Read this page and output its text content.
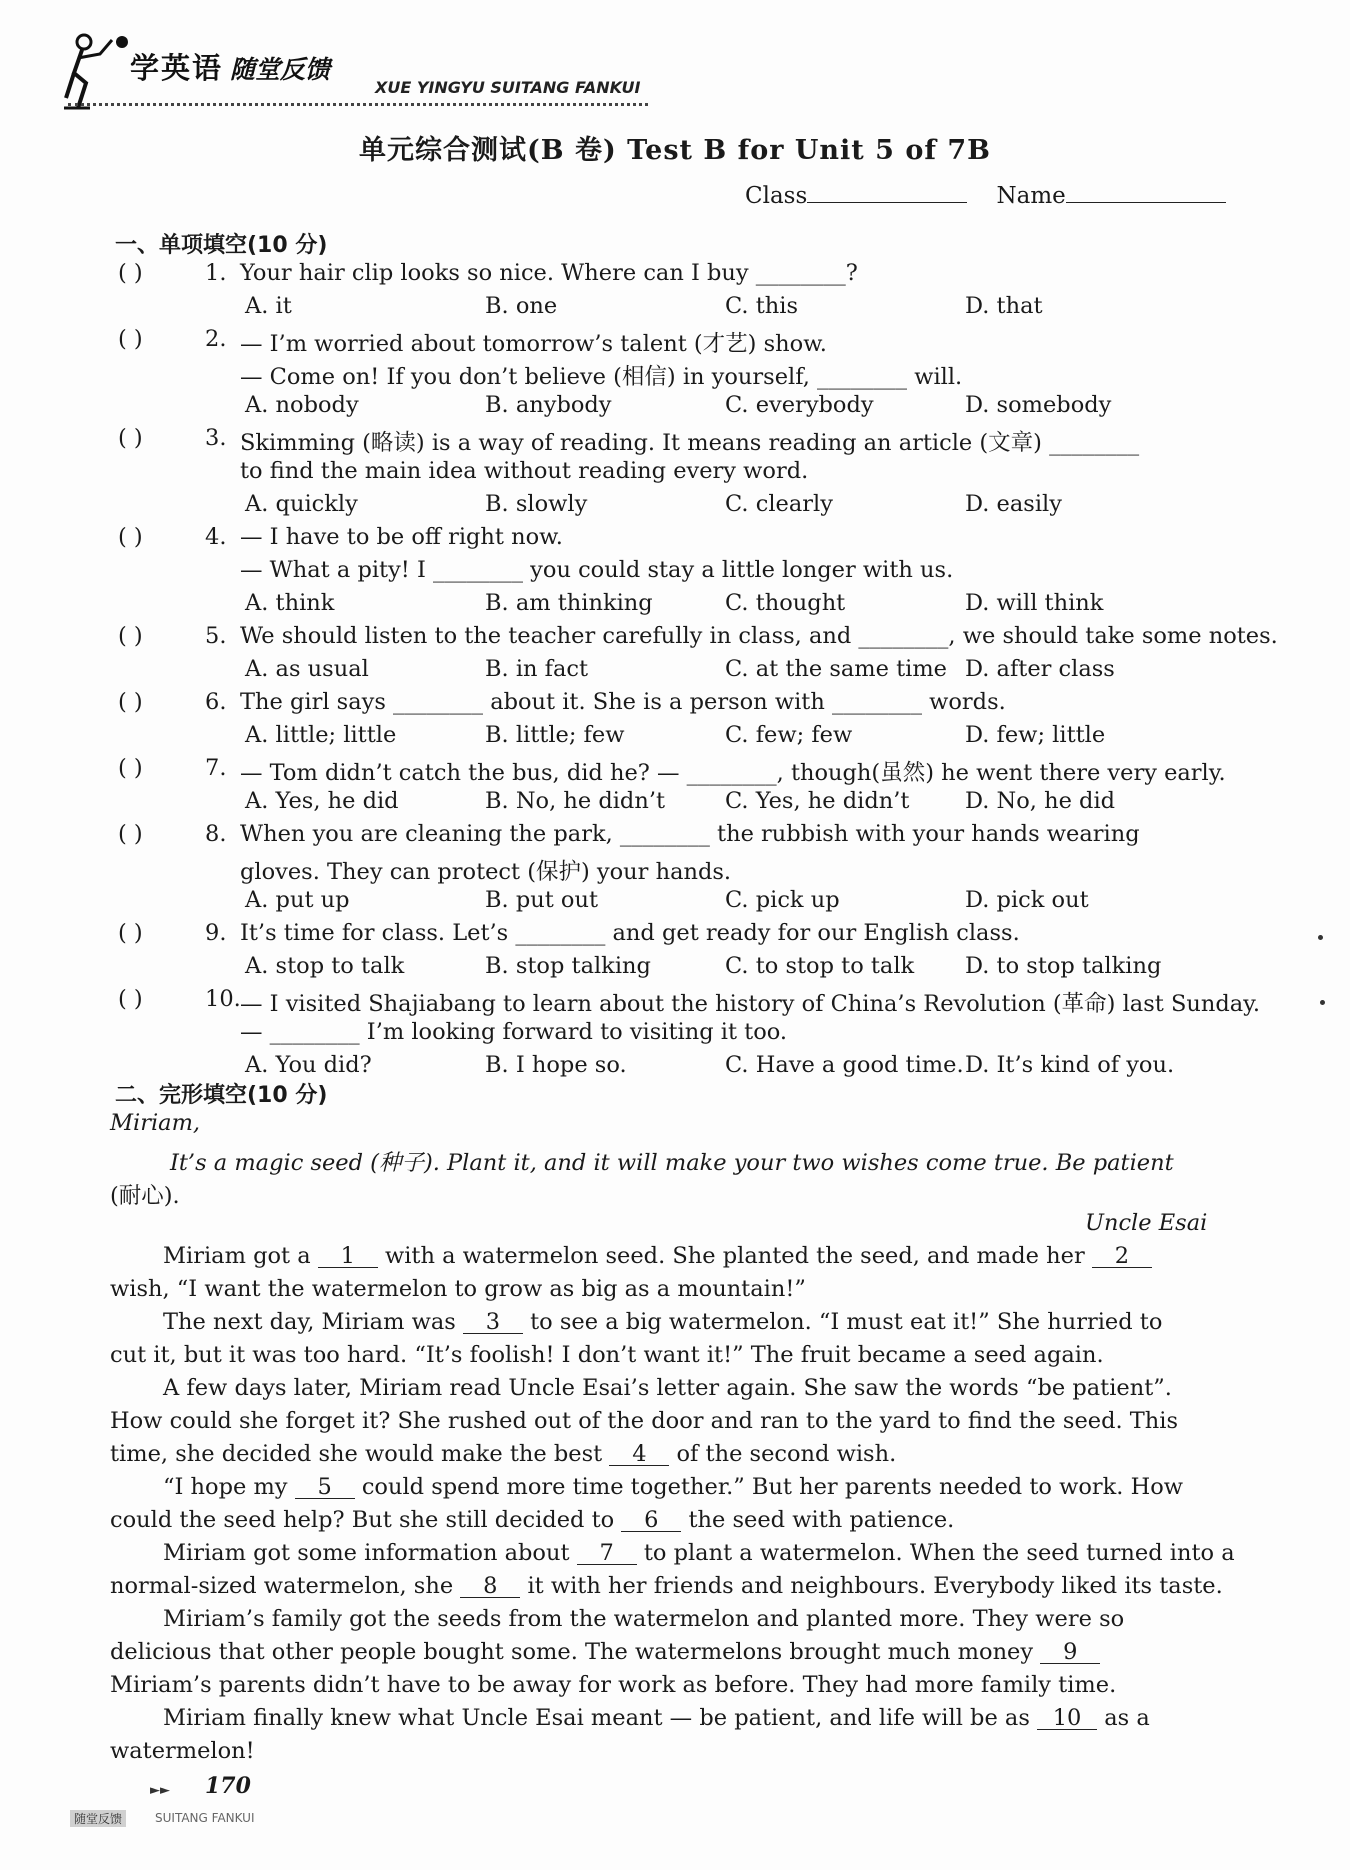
学英语 随堂反馈
XUE YINGYU SUITANG FANKUI
单元综合测试(B 卷) Test B for Unit 5 of 7B
Class	Name
一、单项填空(10 分)
( )	1. Your hair clip looks so nice. Where can I buy ________?
A. it	B. one	C. this	D. that
( )	2. — I’m worried about tomorrow’s talent (才艺) show.
— Come on! If you don’t believe (相信) in yourself, ________ will.
A. nobody	B. anybody	C. everybody	D. somebody
( )	3. Skimming (略读) is a way of reading. It means reading an article (文章) ________
to find the main idea without reading every word.
A. quickly	B. slowly	C. clearly	D. easily
( )	4. — I have to be off right now.
— What a pity! I ________ you could stay a little longer with us.
A. think	B. am thinking	C. thought	D. will think
( )	5. We should listen to the teacher carefully in class, and ________, we should take some notes.
A. as usual	B. in fact	C. at the same time D. after class
( )	6. The girl says ________ about it. She is a person with ________ words.
A. little; little	B. little; few	C. few; few	D. few; little
( )	7. — Tom didn’t catch the bus, did he? — ________, though(虽然) he went there very early.
A. Yes, he did	B. No, he didn’t	C. Yes, he didn’t D. No, he did
( )	8. When you are cleaning the park, ________ the rubbish with your hands wearing
gloves. They can protect (保护) your hands.
A. put up	B. put out	C. pick up	D. pick out
( )	9. It’s time for class. Let’s ________ and get ready for our English class.
A. stop to talk	B. stop talking	C. to stop to talk D. to stop talking
( )	10. — I visited Shajiabang to learn about the history of China’s Revolution (革命) last Sunday.
— ________ I’m looking forward to visiting it too.
A. You did?	B. I hope so.	C. Have a good time. D. It’s kind of you.
二、完形填空(10 分)
Miriam,
It’s a magic seed (种子). Plant it, and it will make your two wishes come true. Be patient
(耐心).
Uncle Esai
Miriam got a 1 with a watermelon seed. She planted the seed, and made her 2
wish, “I want the watermelon to grow as big as a mountain!”
The next day, Miriam was 3 to see a big watermelon. “I must eat it!” She hurried to
cut it, but it was too hard. “It’s foolish! I don’t want it!” The fruit became a seed again.
A few days later, Miriam read Uncle Esai’s letter again. She saw the words “be patient”.
How could she forget it? She rushed out of the door and ran to the yard to find the seed. This
time, she decided she would make the best 4 of the second wish.
“I hope my 5 could spend more time together.” But her parents needed to work. How
could the seed help? But she still decided to 6 the seed with patience.
Miriam got some information about 7 to plant a watermelon. When the seed turned into a
normal-sized watermelon, she 8 it with her friends and neighbours. Everybody liked its taste.
Miriam’s family got the seeds from the watermelon and planted more. They were so
delicious that other people bought some. The watermelons brought much money 9
Miriam’s parents didn’t have to be away for work as before. They had more family time.
Miriam finally knew what Uncle Esai meant — be patient, and life will be as 10 as a
watermelon!
►► 170
随堂反馈	SUITANG FANKUI
